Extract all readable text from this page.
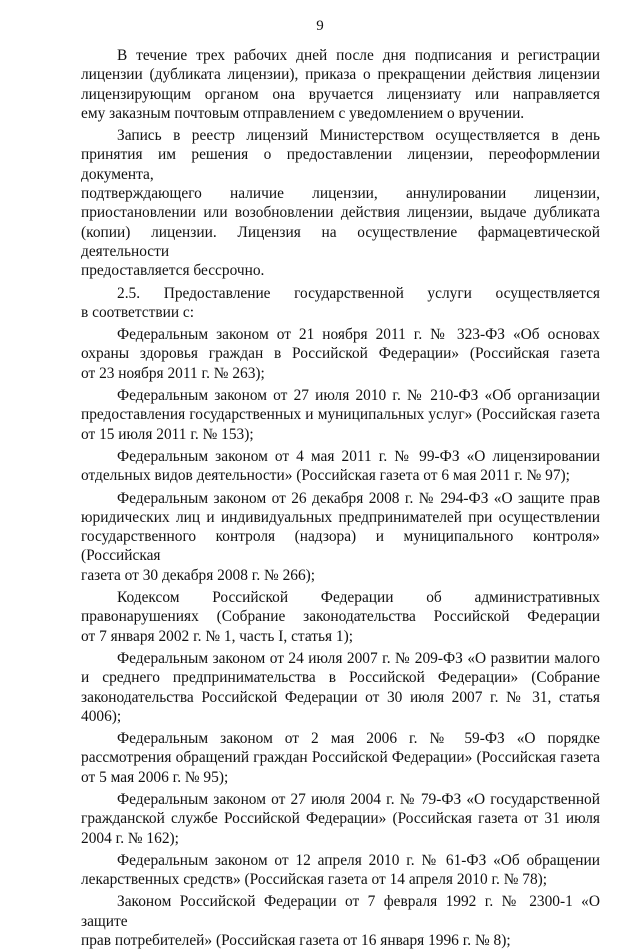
9
В течение трех рабочих дней после дня подписания и регистрации
лицензии (дубликата лицензии), приказа о прекращении действия лицензии
лицензирующим органом она вручается лицензиату или направляется
ему заказным почтовым отправлением с уведомлением о вручении.
Запись в реестр лицензий Министерством осуществляется в день
принятия им решения о предоставлении лицензии, переоформлении документа,
подтверждающего наличие лицензии, аннулировании лицензии,
приостановлении или возобновлении действия лицензии, выдаче дубликата
(копии) лицензии. Лицензия на осуществление фармацевтической деятельности
предоставляется бессрочно.
2.5. Предоставление государственной услуги осуществляется
в соответствии с:
Федеральным законом от 21 ноября 2011 г. № 323-ФЗ «Об основах
охраны здоровья граждан в Российской Федерации» (Российская газета
от 23 ноября 2011 г. № 263);
Федеральным законом от 27 июля 2010 г. № 210-ФЗ «Об организации
предоставления государственных и муниципальных услуг» (Российская газета
от 15 июля 2011 г. № 153);
Федеральным законом от 4 мая 2011 г. № 99-ФЗ «О лицензировании
отдельных видов деятельности» (Российская газета от 6 мая 2011 г. № 97);
Федеральным законом от 26 декабря 2008 г. № 294-ФЗ «О защите прав
юридических лиц и индивидуальных предпринимателей при осуществлении
государственного контроля (надзора) и муниципального контроля» (Российская
газета от 30 декабря 2008 г. № 266);
Кодексом Российской Федерации об административных
правонарушениях (Собрание законодательства Российской Федерации
от 7 января 2002 г. № 1, часть I, статья 1);
Федеральным законом от 24 июля 2007 г. № 209-ФЗ «О развитии малого
и среднего предпринимательства в Российской Федерации» (Собрание
законодательства Российской Федерации от 30 июля 2007 г. № 31, статья 4006);
Федеральным законом от 2 мая 2006 г. № 59-ФЗ «О порядке
рассмотрения обращений граждан Российской Федерации» (Российская газета
от 5 мая 2006 г. № 95);
Федеральным законом от 27 июля 2004 г. № 79-ФЗ «О государственной
гражданской службе Российской Федерации» (Российская газета от 31 июля
2004 г. № 162);
Федеральным законом от 12 апреля 2010 г. № 61-ФЗ «Об обращении
лекарственных средств» (Российская газета от 14 апреля 2010 г. № 78);
Законом Российской Федерации от 7 февраля 1992 г. № 2300-1 «О защите
прав потребителей» (Российская газета от 16 января 1996 г. № 8);
